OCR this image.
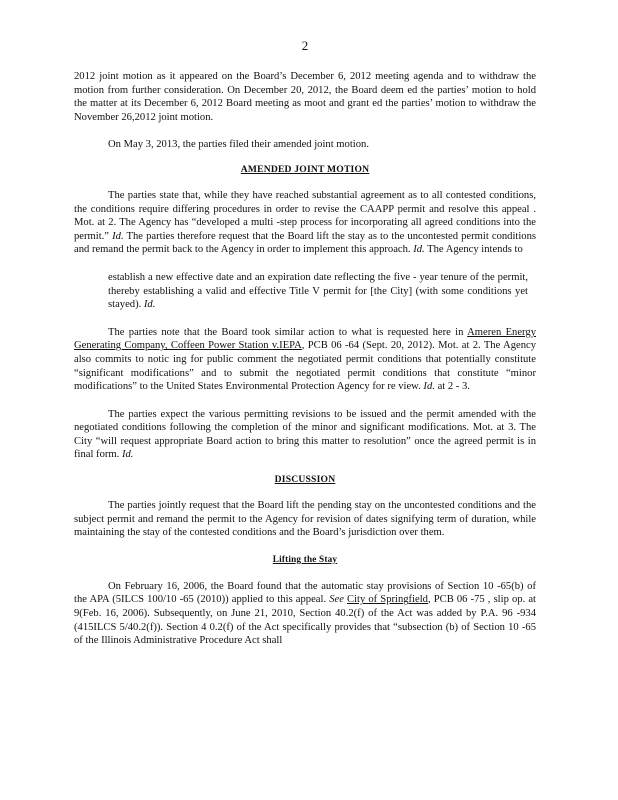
2

2012 joint motion as it appeared on the Board’s December 6, 2012 meeting agenda and to withdraw the motion from further consideration. On December 20, 2012, the Board deem ed the parties’ motion to hold the matter at its December 6, 2012 Board meeting as moot and grant ed the parties’ motion to withdraw the November 26,2012 joint motion.

On May 3, 2013, the parties filed their amended joint motion.

AMENDED JOINT MOTION

The parties state that, while they have reached substantial agreement as to all contested conditions, the conditions require differing procedures in order to revise the CAAPP permit and resolve this appeal . Mot. at 2. The Agency has “developed a multi -step process for incorporating all agreed conditions into the permit.” Id. The parties therefore request that the Board lift the stay as to the uncontested permit conditions and remand the permit back to the Agency in order to implement this approach. Id. The Agency intends to

establish a new effective date and an expiration date reflecting the five - year tenure of the permit, thereby establishing a valid and effective Title V permit for [the City] (with some conditions yet stayed). Id.

The parties note that the Board took similar action to what is requested here in Ameren Energy Generating Company, Coffeen Power Station v.IEPA, PCB 06 -64 (Sept. 20, 2012). Mot. at 2. The Agency also commits to notic ing for public comment the negotiated permit conditions that potentially constitute “significant modifications” and to submit the negotiated permit conditions that constitute “minor modifications” to the United States Environmental Protection Agency for re view. Id. at 2 - 3.

The parties expect the various permitting revisions to be issued and the permit amended with the negotiated conditions following the completion of the minor and significant modifications. Mot. at 3. The City “will request appropriate Board action to bring this matter to resolution” once the agreed permit is in final form. Id.

DISCUSSION

The parties jointly request that the Board lift the pending stay on the uncontested conditions and the subject permit and remand the permit to the Agency for revision of dates signifying term of duration, while maintaining the stay of the contested conditions and the Board’s jurisdiction over them.

Lifting the Stay

On February 16, 2006, the Board found that the automatic stay provisions of Section 10 -65(b) of the APA (5ILCS 100/10 -65 (2010)) applied to this appeal. See City of Springfield, PCB 06 -75 , slip op. at 9(Feb. 16, 2006). Subsequently, on June 21, 2010, Section 40.2(f) of the Act was added by P.A. 96 -934 (415ILCS 5/40.2(f)). Section 4 0.2(f) of the Act specifically provides that “subsection (b) of Section 10 -65 of the Illinois Administrative Procedure Act shall
